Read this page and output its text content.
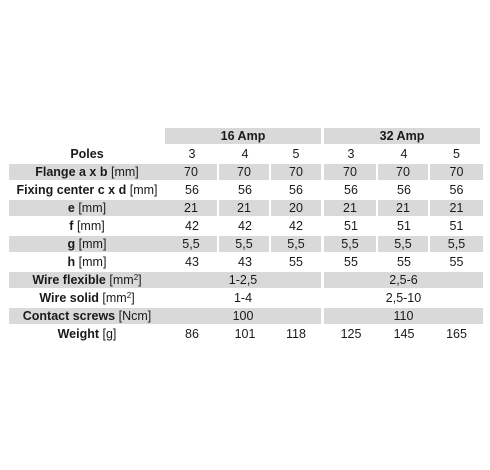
	16 Amp			32 Amp		
Poles	3	4	5	3	4	5
Flange a x b [mm]	70	70	70	70	70	70
Fixing center c x d [mm]	56	56	56	56	56	56
e [mm]	21	21	20	21	21	21
f [mm]	42	42	42	51	51	51
g [mm]	5,5	5,5	5,5	5,5	5,5	5,5
h [mm]	43	43	55	55	55	55
Wire flexible $[mm^2]$	1-2,5			2,5-6		
Wire solid $[mm^2]$	1-4			2,5-10		
Contact screws [Ncm]	100			110		
Weight [g]	86	101	118	125	145	165
